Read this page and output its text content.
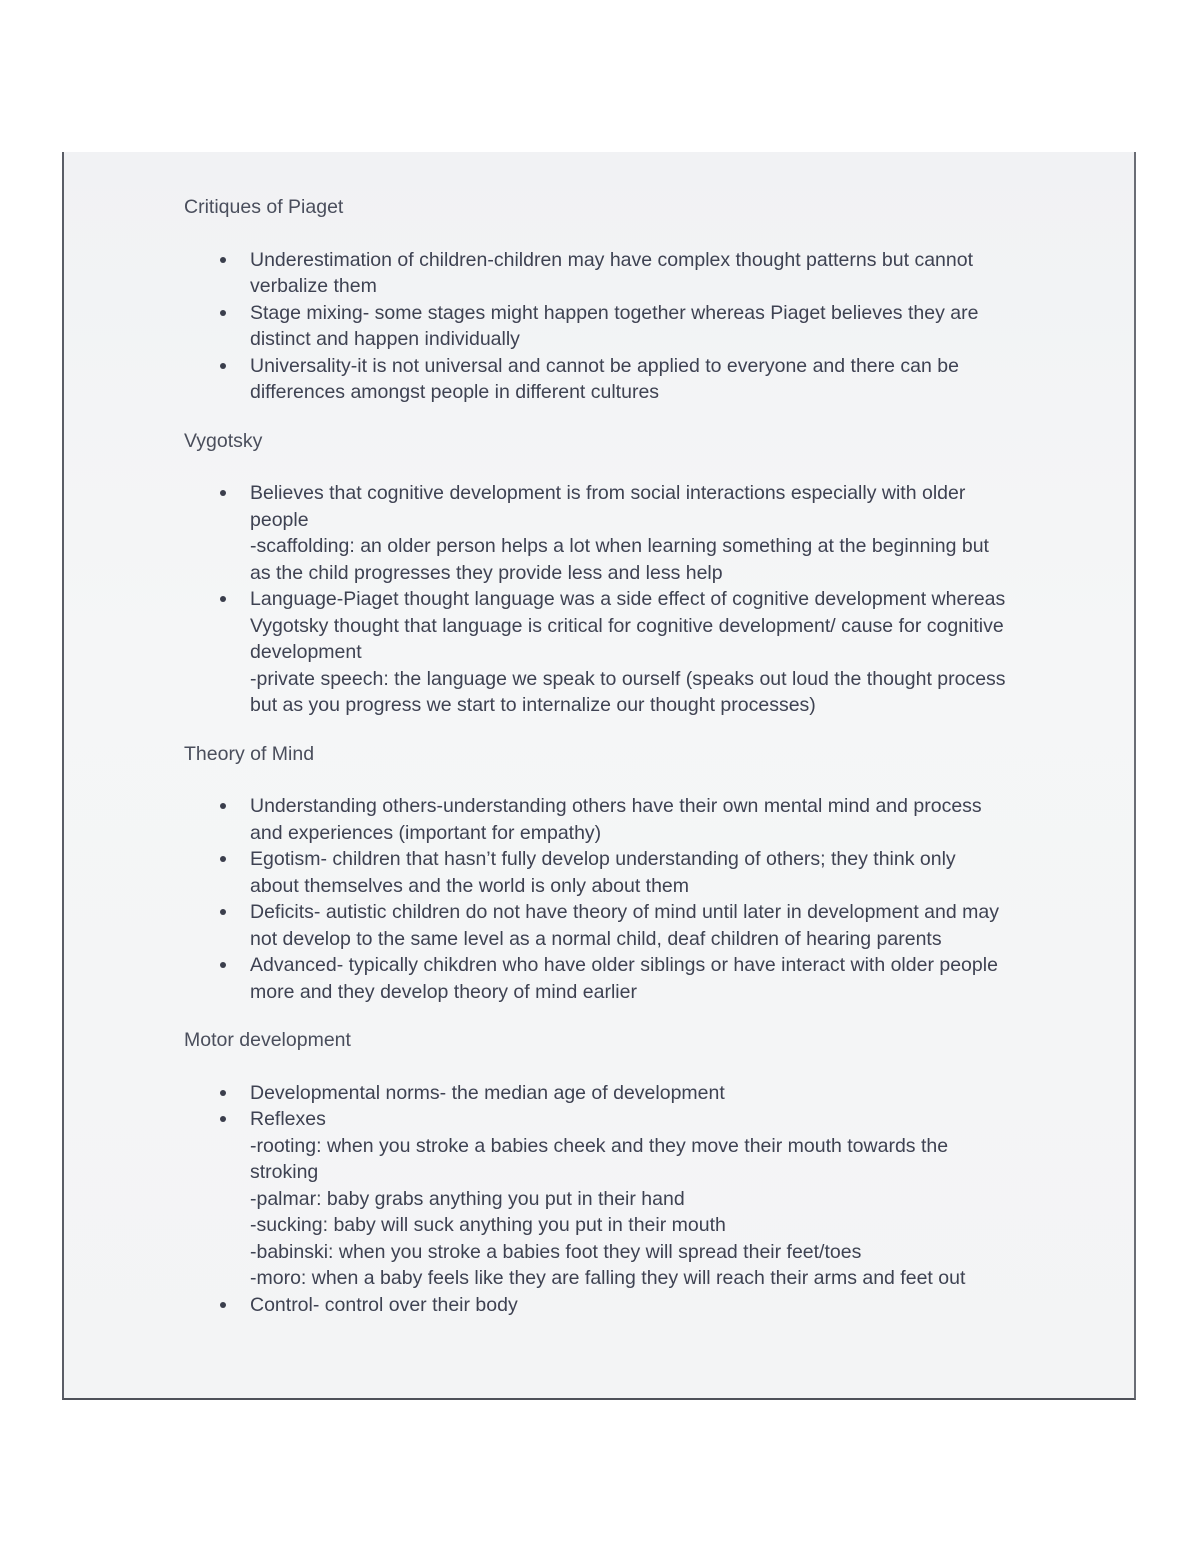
Critiques of Piaget
Underestimation of children-children may have complex thought patterns but cannot
verbalize them
Stage mixing- some stages might happen together whereas Piaget believes they are
distinct and happen individually
Universality-it is not universal and cannot be applied to everyone and there can be
differences amongst people in different cultures
Vygotsky
Believes that cognitive development is from social interactions especially with older
people
-scaffolding: an older person helps a lot when learning something at the beginning but
as the child progresses they provide less and less help
Language-Piaget thought language was a side effect of cognitive development whereas
Vygotsky thought that language is critical for cognitive development/ cause for cognitive
development
-private speech: the language we speak to ourself (speaks out loud the thought process
but as you progress we start to internalize our thought processes)
Theory of Mind
Understanding others-understanding others have their own mental mind and process
and experiences (important for empathy)
Egotism- children that hasn’t fully develop understanding of others; they think only
about themselves and the world is only about them
Deficits- autistic children do not have theory of mind until later in development and may
not develop to the same level as a normal child, deaf children of hearing parents
Advanced- typically chikdren who have older siblings or have interact with older people
more and they develop theory of mind earlier
Motor development
Developmental norms- the median age of development
Reflexes
-rooting: when you stroke a babies cheek and they move their mouth towards the
stroking
-palmar: baby grabs anything you put in their hand
-sucking: baby will suck anything you put in their mouth
-babinski: when you stroke a babies foot they will spread their feet/toes
-moro: when a baby feels like they are falling they will reach their arms and feet out
Control- control over their body
